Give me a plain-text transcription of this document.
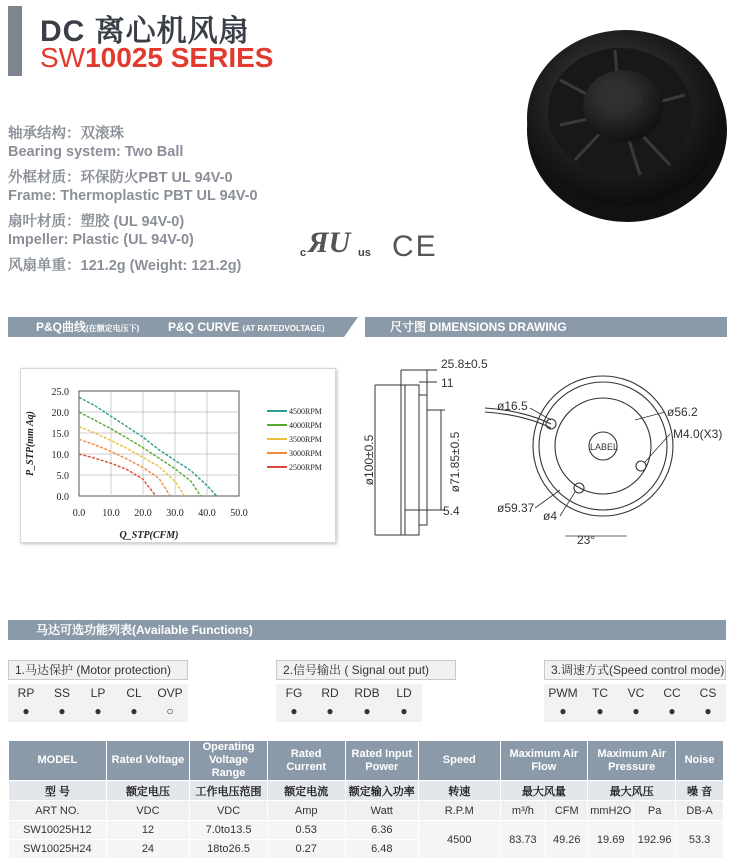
DC 离心机风扇
SW10025 SERIES
轴承结构：双滚珠
Bearing system: Two Ball
外框材质：环保防火PBT UL 94V-0
Frame: Thermoplastic PBT UL 94V-0
扇叶材质：塑胶 (UL 94V-0)
Impeller: Plastic (UL 94V-0)
风扇单重：121.2g (Weight: 121.2g)
c ЯU us CE
P&Q曲线(在额定电压下) P&Q CURVE (AT RATEDVOLTAGE)	尺寸图 DIMENSIONS DRAWING
0.0 10.0 20.0 30.0 40.0 50.0
0.0
5.0
10.0
15.0
20.0
25.0
Q_STP(CFM)
P_STP(mm Aq)	4500RPM
4000RPM
3500RPM
3000RPM
2500RPM
25.8±0.5
11
ø100±0.5	ø71.85±0.5
5.4
LABEL
ø16.5	ø56.2
M4.0(X3)
ø59.37
ø4
23°
马达可选功能列表(Available Functions)
1.马达保护 (Motor protection)
RP	SS	LP	CL	OVP
●	●	●	●	○
2.信号输出 ( Signal out put)
FG	RD	RDB	LD
●	●	●	●
3.调速方式(Speed control mode)
PWM	TC	VC	CC	CS
●	●	●	●	●
MODEL	Rated Voltage	Operating Voltage Range	Rated Current	Rated Input Power	Speed	Maximum Air Flow		Maximum Air Pressure		Noise
型 号	额定电压	工作电压范围	额定电流	额定输入功率	转速	最大风量		最大风压		噪 音
ART NO.	VDC	VDC	Amp	Watt	R.P.M	m³/h	CFM	mmH2O	Pa	DB-A
SW10025H12	12	7.0to13.5	0.53	6.36	4500	83.73	49.26	19.69	192.96	53.3
SW10025H24	24	18to26.5	0.27	6.48						
